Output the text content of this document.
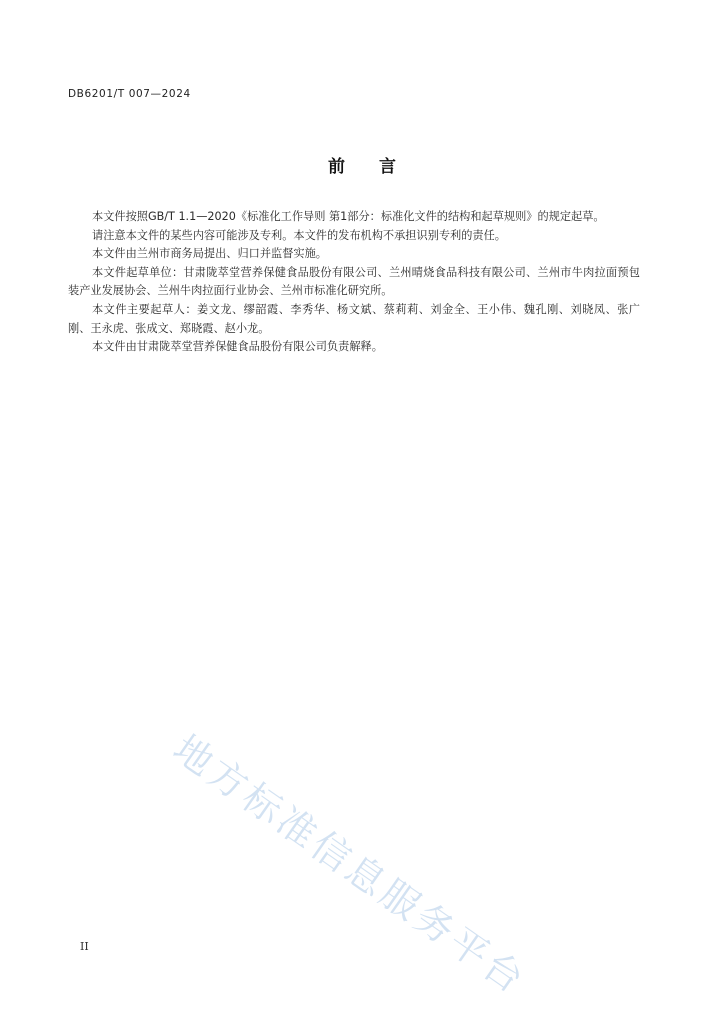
DB6201/T 007—2024
前言

本文件按照GB/T 1.1—2020《标准化工作导则 第1部分：标准化文件的结构和起草规则》的规定起草。

请注意本文件的某些内容可能涉及专利。本文件的发布机构不承担识别专利的责任。

本文件由兰州市商务局提出、归口并监督实施。

本文件起草单位：甘肃陇萃堂营养保健食品股份有限公司、兰州晴烧食品科技有限公司、兰州市牛肉拉面预包装产业发展协会、兰州牛肉拉面行业协会、兰州市标准化研究所。

本文件主要起草人：姜文龙、缪韶霞、李秀华、杨文斌、蔡莉莉、刘金全、王小伟、魏孔刚、刘晓凤、张广刚、王永虎、张成文、郑晓霞、赵小龙。

本文件由甘肃陇萃堂营养保健食品股份有限公司负责解释。

地方标准信息服务平台
II
